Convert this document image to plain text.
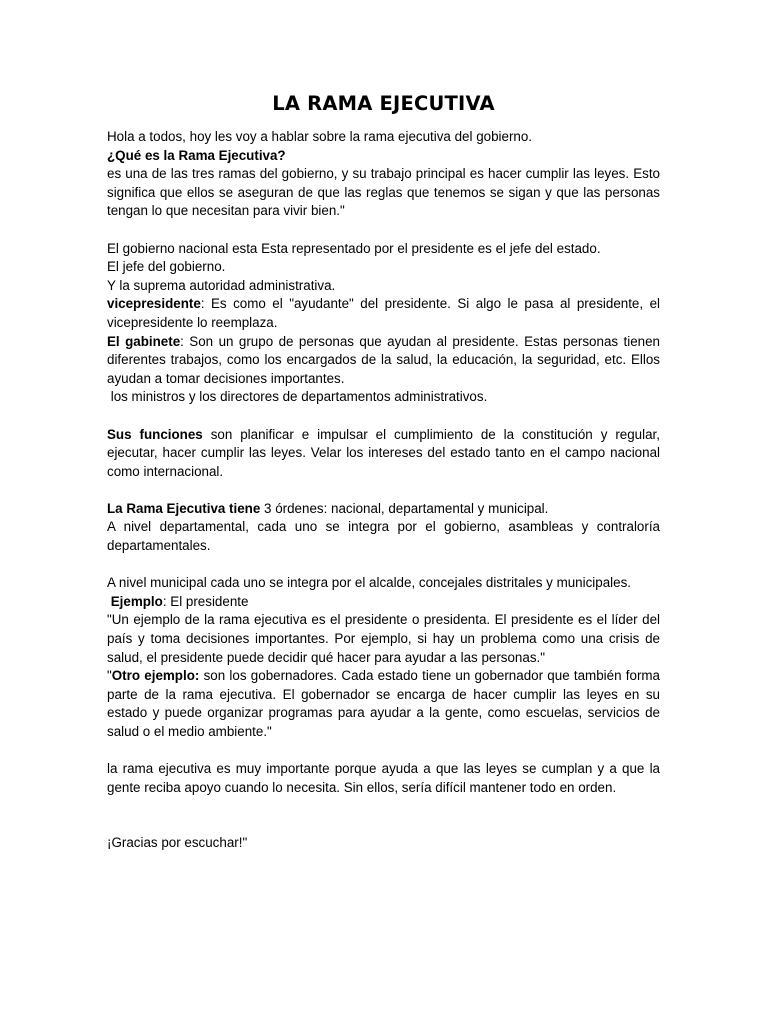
LA RAMA EJECUTIVA

Hola a todos, hoy les voy a hablar sobre la rama ejecutiva del gobierno.

¿Qué es la Rama Ejecutiva?

es una de las tres ramas del gobierno, y su trabajo principal es hacer cumplir las leyes. Esto significa que ellos se aseguran de que las reglas que tenemos se sigan y que las personas tengan lo que necesitan para vivir bien."

El gobierno nacional esta Esta representado por el presidente es el jefe del estado.

El jefe del gobierno.

Y la suprema autoridad administrativa.

vicepresidente: Es como el "ayudante" del presidente. Si algo le pasa al presidente, el vicepresidente lo reemplaza.

El gabinete: Son un grupo de personas que ayudan al presidente. Estas personas tienen diferentes trabajos, como los encargados de la salud, la educación, la seguridad, etc. Ellos ayudan a tomar decisiones importantes.

los ministros y los directores de departamentos administrativos.

Sus funciones son planificar e impulsar el cumplimiento de la constitución y regular, ejecutar, hacer cumplir las leyes. Velar los intereses del estado tanto en el campo nacional como internacional.

La Rama Ejecutiva tiene 3 órdenes: nacional, departamental y municipal.

A nivel departamental, cada uno se integra por el gobierno, asambleas y contraloría departamentales.

A nivel municipal cada uno se integra por el alcalde, concejales distritales y municipales.

Ejemplo: El presidente

"Un ejemplo de la rama ejecutiva es el presidente o presidenta. El presidente es el líder del país y toma decisiones importantes. Por ejemplo, si hay un problema como una crisis de salud, el presidente puede decidir qué hacer para ayudar a las personas."

"Otro ejemplo: son los gobernadores. Cada estado tiene un gobernador que también forma parte de la rama ejecutiva. El gobernador se encarga de hacer cumplir las leyes en su estado y puede organizar programas para ayudar a la gente, como escuelas, servicios de salud o el medio ambiente."

la rama ejecutiva es muy importante porque ayuda a que las leyes se cumplan y a que la gente reciba apoyo cuando lo necesita. Sin ellos, sería difícil mantener todo en orden.

¡Gracias por escuchar!"
